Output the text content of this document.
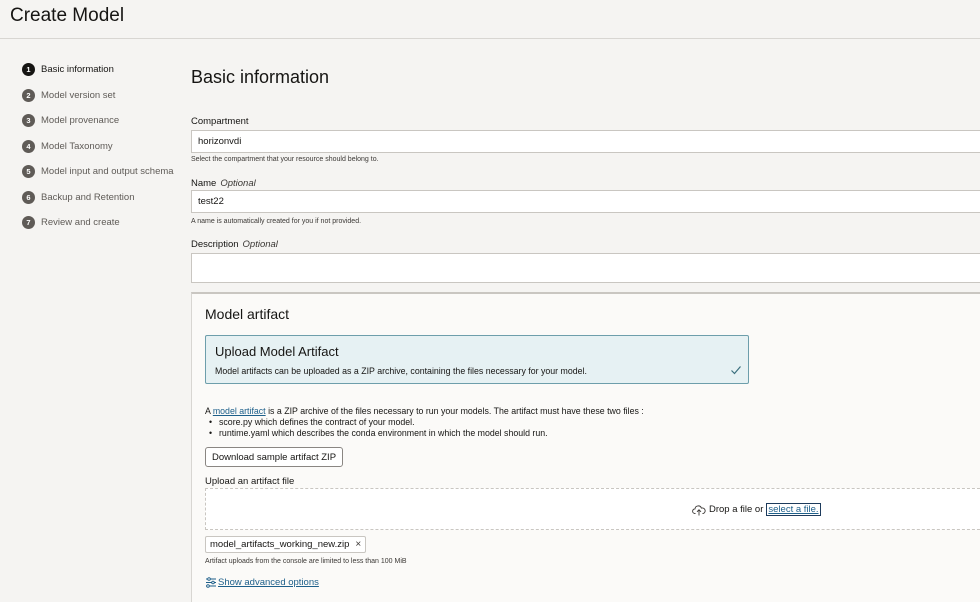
Create Model
1	Basic information
2	Model version set
3	Model provenance
4	Model Taxonomy
5	Model input and output schema
6	Backup and Retention
7	Review and create
Basic information
Compartment
horizonvdi
Select the compartment that your resource should belong to.
Name Optional
test22
A name is automatically created for you if not provided.
Description Optional
Model artifact
Upload Model Artifact
Model artifacts can be uploaded as a ZIP archive, containing the files necessary for your model.
A model artifact is a ZIP archive of the files necessary to run your models. The artifact must have these two files :
• score.py which defines the contract of your model.
• runtime.yaml which describes the conda environment in which the model should run.
Download sample artifact ZIP
Upload an artifact file
Drop a file or select a file.
model_artifacts_working_new.zip ×
Artifact uploads from the console are limited to less than 100 MiB
Show advanced options
